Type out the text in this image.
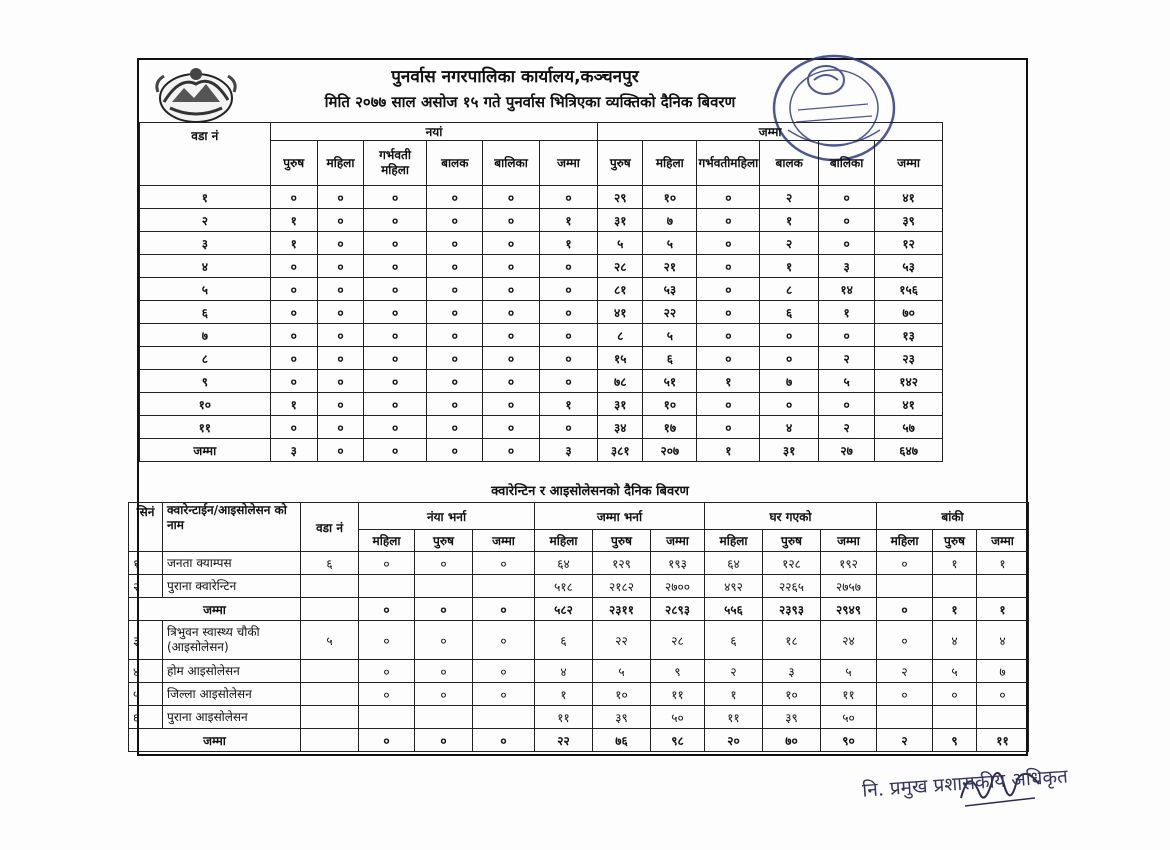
पुनर्वास नगरपालिका कार्यालय,कञ्चनपुर
मिति २०७७ साल असोज १५ गते पुनर्वास भित्रिएका व्यक्तिको दैनिक बिवरण
वडा नं	नयां						जम्मा					
	पुरुष	महिला	गर्भवती महिला	बालक	बालिका	जम्मा	पुरुष	महिला	गर्भवतीमहिला	बालक	बालिका	जम्मा
१	०	०	०	०	०	०	२९	१०	०	२	०	४१
२	१	०	०	०	०	१	३१	७	०	१	०	३९
३	१	०	०	०	०	१	५	५	०	२	०	१२
४	०	०	०	०	०	०	२८	२१	०	१	३	५३
५	०	०	०	०	०	०	८१	५३	०	८	१४	१५६
६	०	०	०	०	०	०	४१	२२	०	६	१	७०
७	०	०	०	०	०	०	८	५	०	०	०	१३
८	०	०	०	०	०	०	१५	६	०	०	२	२३
९	०	०	०	०	०	०	७८	५१	१	७	५	१४२
१०	१	०	०	०	०	१	३१	१०	०	०	०	४१
११	०	०	०	०	०	०	३४	१७	०	४	२	५७
जम्मा	३	०	०	०	०	३	३८१	२०७	१	३१	२७	६४७
क्वारेन्टिन र आइसोलेसनको दैनिक बिवरण
सिनं	क्वारेन्टाईन/आइसोलेसन को नाम	वडा नं	नंया भर्ना			जम्मा भर्ना			घर गएको			बांकी		
			महिला	पुरुष	जम्मा	महिला	पुरुष	जम्मा	महिला	पुरुष	जम्मा	महिला	पुरुष	जम्मा
१	जनता क्याम्पस	६	०	०	०	६४	१२९	१९३	६४	१२८	१९२	०	१	१
२	पुराना क्वारेन्टिन					५१८	२१८२	२७००	४९२	२२६५	२७५७			
जम्मा			०	०	०	५८२	२३११	२८९३	५५६	२३९३	२९४९	०	१	१
३	त्रिभुवन स्वास्थ्य चौकी (आइसोलेसन)	५	०	०	०	६	२२	२८	६	१८	२४	०	४	४
४	होम आइसोलेसन		०	०	०	४	५	९	२	३	५	२	५	७
५	जिल्ला आइसोलेसन		०	०	०	१	१०	११	१	१०	११	०	०	०
६	पुराना आइसोलेसन					११	३९	५०	११	३९	५०			
जम्मा			०	०	०	२२	७६	९८	२०	७०	९०	२	९	११
नि. प्रमुख प्रशासकीय अधिकृत
